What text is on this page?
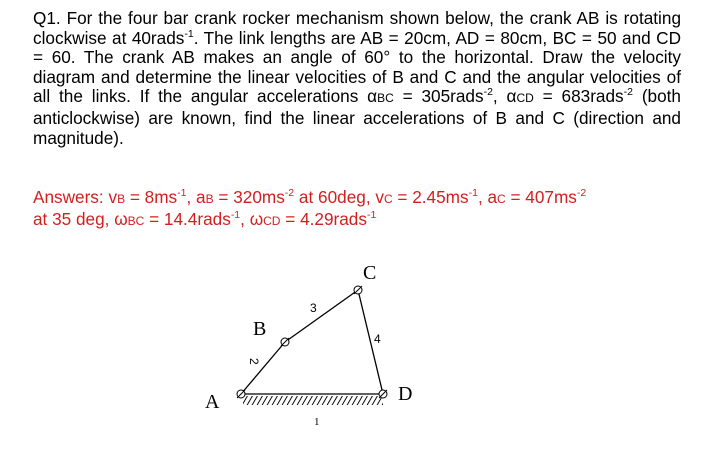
Q1. For the four bar crank rocker mechanism shown below, the crank AB is rotating clockwise at 40rads$^{-1}$. The link lengths are AB = 20cm, AD = 80cm, BC = 50 and CD = 60. The crank AB makes an angle of 60° to the horizontal. Draw the velocity diagram and determine the linear velocities of B and C and the angular velocities of all the links. If the angular accelerations αBC = 305rads$^{-2}$, αCD = 683rads$^{-2}$ (both anticlockwise) are known, find the linear accelerations of B and C (direction and magnitude).
Answers: vB = $8ms^{-1}$, aB = $320ms^{-2}$ at 60deg, vC = $2.45ms^{-1}$, aC = $407ms^{-2}$
at 35 deg, ωBC = 14.4rads$^{-1}$, ωCD = 4.29rads$^{-1}$
A
B
C
D
1
2
3
4
